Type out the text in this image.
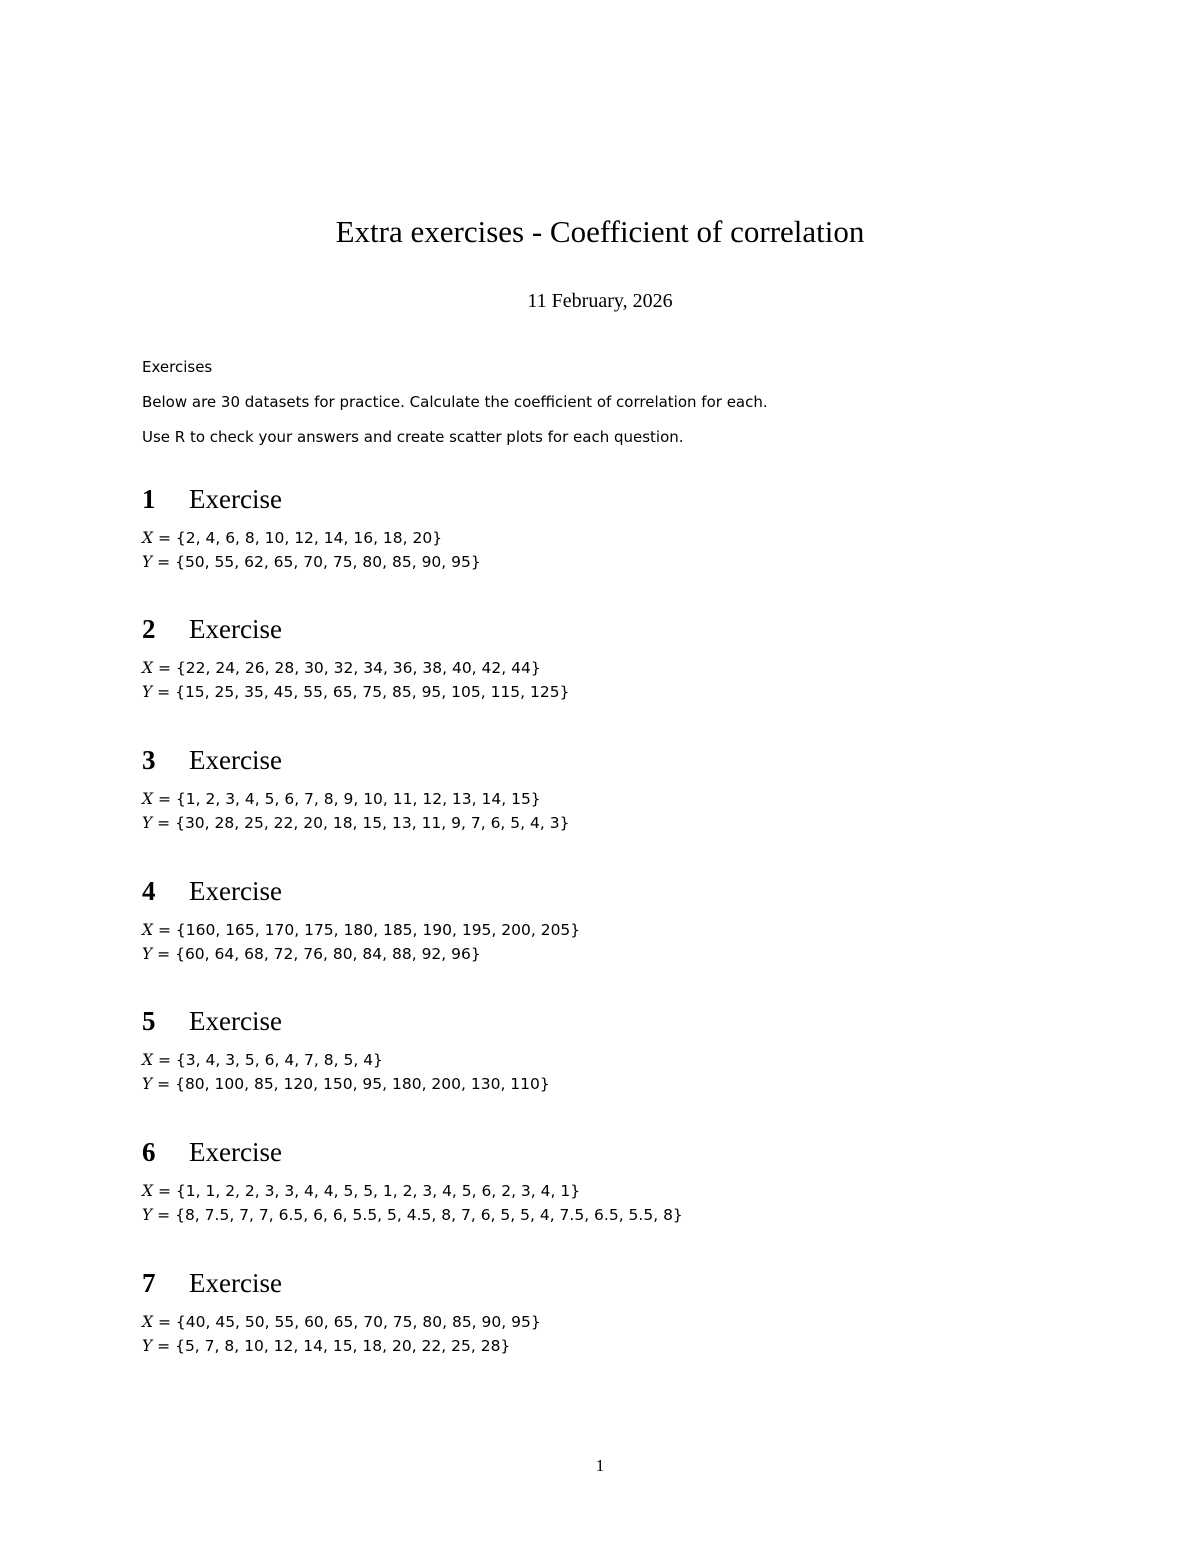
Extra exercises - Coefficient of correlation
11 February, 2026
Exercises
Below are 30 datasets for practice. Calculate the coefficient of correlation for each.
Use R to check your answers and create scatter plots for each question.
1 Exercise
X = {2, 4, 6, 8, 10, 12, 14, 16, 18, 20}
Y = {50, 55, 62, 65, 70, 75, 80, 85, 90, 95}
2 Exercise
X = {22, 24, 26, 28, 30, 32, 34, 36, 38, 40, 42, 44}
Y = {15, 25, 35, 45, 55, 65, 75, 85, 95, 105, 115, 125}
3 Exercise
X = {1, 2, 3, 4, 5, 6, 7, 8, 9, 10, 11, 12, 13, 14, 15}
Y = {30, 28, 25, 22, 20, 18, 15, 13, 11, 9, 7, 6, 5, 4, 3}
4 Exercise
X = {160, 165, 170, 175, 180, 185, 190, 195, 200, 205}
Y = {60, 64, 68, 72, 76, 80, 84, 88, 92, 96}
5 Exercise
X = {3, 4, 3, 5, 6, 4, 7, 8, 5, 4}
Y = {80, 100, 85, 120, 150, 95, 180, 200, 130, 110}
6 Exercise
X = {1, 1, 2, 2, 3, 3, 4, 4, 5, 5, 1, 2, 3, 4, 5, 6, 2, 3, 4, 1}
Y = {8, 7.5, 7, 7, 6.5, 6, 6, 5.5, 5, 4.5, 8, 7, 6, 5, 5, 4, 7.5, 6.5, 5.5, 8}
7 Exercise
X = {40, 45, 50, 55, 60, 65, 70, 75, 80, 85, 90, 95}
Y = {5, 7, 8, 10, 12, 14, 15, 18, 20, 22, 25, 28}
1
